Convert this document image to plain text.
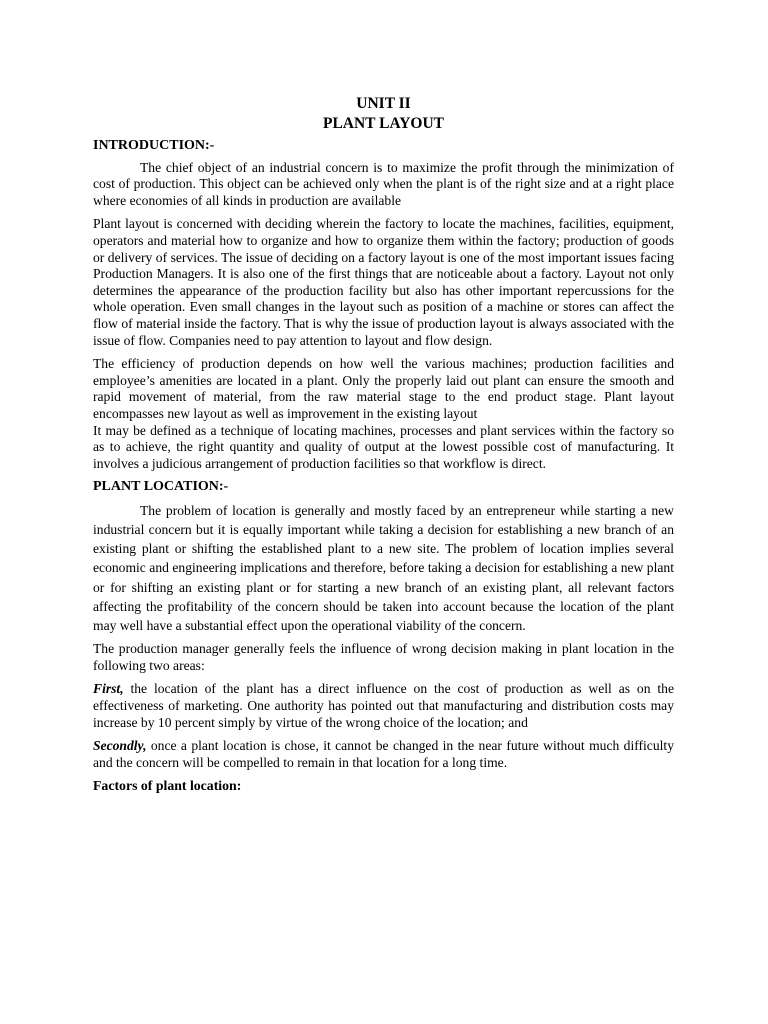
UNIT II
PLANT LAYOUT
INTRODUCTION:-

The chief object of an industrial concern is to maximize the profit through the minimization of cost of production. This object can be achieved only when the plant is of the right size and at a right place where economies of all kinds in production are available

Plant layout is concerned with deciding wherein the factory to locate the machines, facilities, equipment, operators and material how to organize and how to organize them within the factory; production of goods or delivery of services. The issue of deciding on a factory layout is one of the most important issues facing Production Managers. It is also one of the first things that are noticeable about a factory. Layout not only determines the appearance of the production facility but also has other important repercussions for the whole operation. Even small changes in the layout such as position of a machine or stores can affect the flow of material inside the factory. That is why the issue of production layout is always associated with the issue of flow. Companies need to pay attention to layout and flow design.

The efficiency of production depends on how well the various machines; production facilities and employee’s amenities are located in a plant. Only the properly laid out plant can ensure the smooth and rapid movement of material, from the raw material stage to the end product stage. Plant layout encompasses new layout as well as improvement in the existing layout

It may be defined as a technique of locating machines, processes and plant services within the factory so as to achieve, the right quantity and quality of output at the lowest possible cost of manufacturing. It involves a judicious arrangement of production facilities so that workflow is direct.

PLANT LOCATION:-

The problem of location is generally and mostly faced by an entrepreneur while starting a new industrial concern but it is equally important while taking a decision for establishing a new branch of an existing plant or shifting the established plant to a new site. The problem of location implies several economic and engineering implications and therefore, before taking a decision for establishing a new plant or for shifting an existing plant or for starting a new branch of an existing plant, all relevant factors affecting the profitability of the concern should be taken into account because the location of the plant may well have a substantial effect upon the operational viability of the concern.

The production manager generally feels the influence of wrong decision making in plant location in the following two areas:

First, the location of the plant has a direct influence on the cost of production as well as on the effectiveness of marketing. One authority has pointed out that manufacturing and distribution costs may increase by 10 percent simply by virtue of the wrong choice of the location; and

Secondly, once a plant location is chose, it cannot be changed in the near future without much difficulty and the concern will be compelled to remain in that location for a long time.

Factors of plant location:
